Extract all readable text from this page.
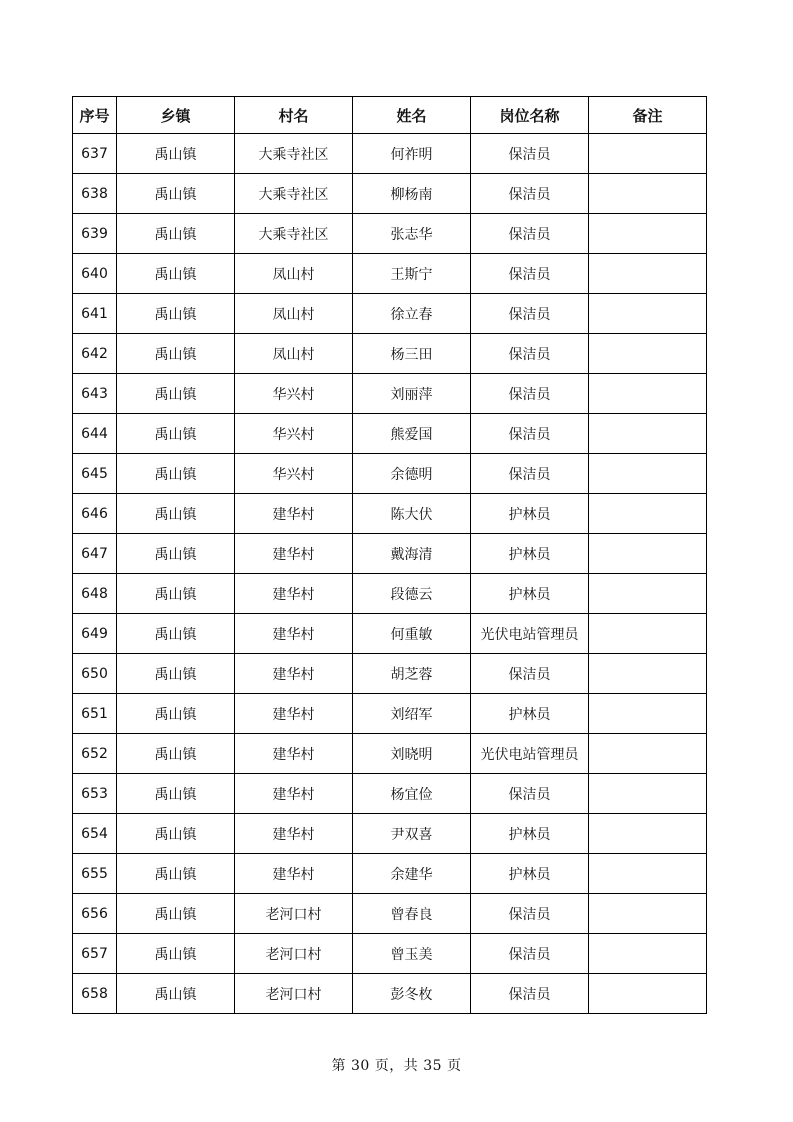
序号	乡镇	村名	姓名	岗位名称	备注
637	禹山镇	大乘寺社区	何祚明	保洁员	
638	禹山镇	大乘寺社区	柳杨南	保洁员	
639	禹山镇	大乘寺社区	张志华	保洁员	
640	禹山镇	凤山村	王斯宁	保洁员	
641	禹山镇	凤山村	徐立春	保洁员	
642	禹山镇	凤山村	杨三田	保洁员	
643	禹山镇	华兴村	刘丽萍	保洁员	
644	禹山镇	华兴村	熊爱国	保洁员	
645	禹山镇	华兴村	余德明	保洁员	
646	禹山镇	建华村	陈大伏	护林员	
647	禹山镇	建华村	戴海清	护林员	
648	禹山镇	建华村	段德云	护林员	
649	禹山镇	建华村	何重敏	光伏电站管理员	
650	禹山镇	建华村	胡芝蓉	保洁员	
651	禹山镇	建华村	刘绍军	护林员	
652	禹山镇	建华村	刘晓明	光伏电站管理员	
653	禹山镇	建华村	杨宜俭	保洁员	
654	禹山镇	建华村	尹双喜	护林员	
655	禹山镇	建华村	余建华	护林员	
656	禹山镇	老河口村	曾春良	保洁员	
657	禹山镇	老河口村	曾玉美	保洁员	
658	禹山镇	老河口村	彭冬枚	保洁员	
第 30 页，共 35 页
